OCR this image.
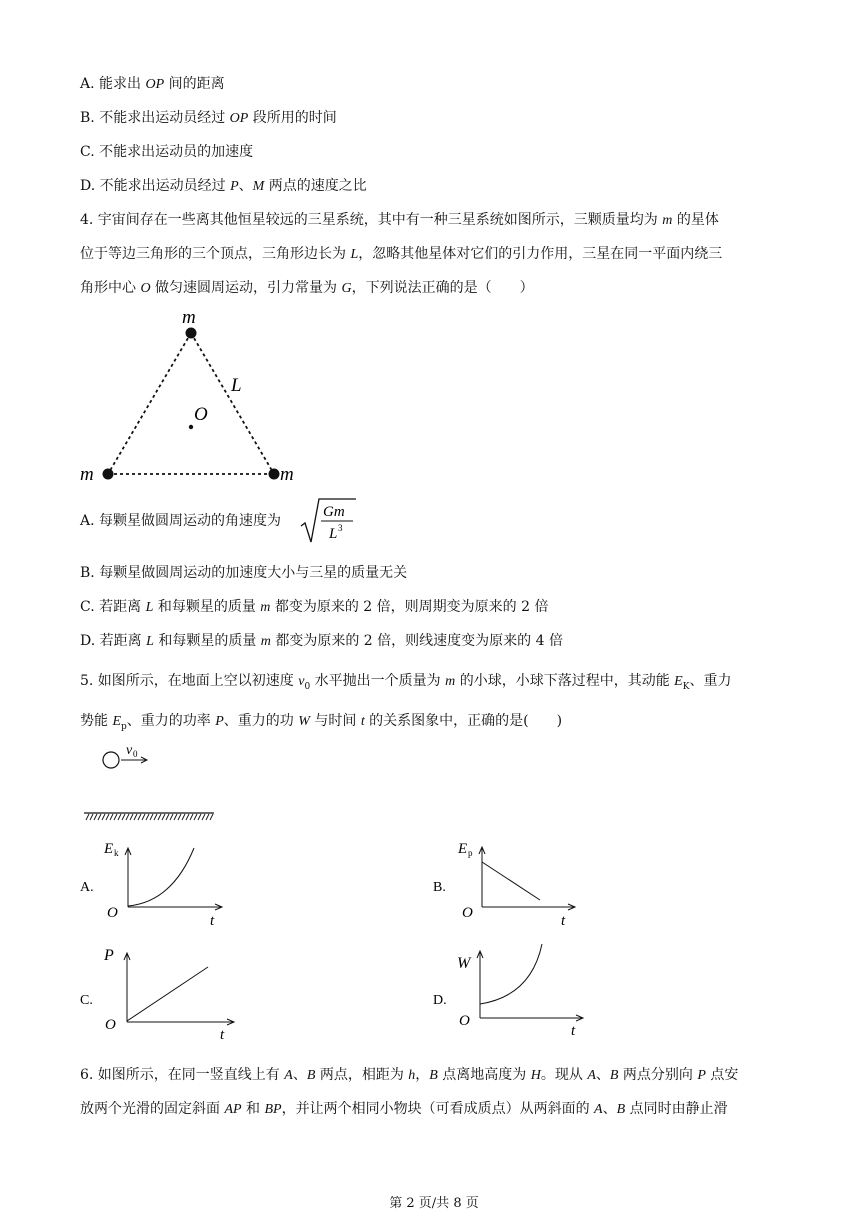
A. 能求出 OP 间的距离
B. 不能求出运动员经过 OP 段所用的时间
C. 不能求出运动员的加速度
D. 不能求出运动员经过 P、M 两点的速度之比
4. 宇宙间存在一些离其他恒星较远的三星系统，其中有一种三星系统如图所示，三颗质量均为 m 的星体
位于等边三角形的三个顶点，三角形边长为 L，忽略其他星体对它们的引力作用，三星在同一平面内绕三
角形中心 O 做匀速圆周运动，引力常量为 G，下列说法正确的是（　　）
m
m	m
L
O
A. 每颗星做圆周运动的角速度为
Gm
L 3
B. 每颗星做圆周运动的加速度大小与三星的质量无关
C. 若距离 L 和每颗星的质量 m 都变为原来的 2 倍，则周期变为原来的 2 倍
D. 若距离 L 和每颗星的质量 m 都变为原来的 2 倍，则线速度变为原来的 4 倍
5. 如图所示，在地面上空以初速度 $v_0$ 水平抛出一个质量为 m 的小球，小球下落过程中，其动能 $E_K$、重力
势能 $E_p$、重力的功率 P、重力的功 W 与时间 t 的关系图象中，正确的是(　　)
v 0
A.
E k
O	t
B.
E p
O	t
C.
P
O
t
D.
W
O
t
6. 如图所示，在同一竖直线上有 A、B 两点，相距为 h，B 点离地高度为 H。现从 A、B 两点分别向 P 点安
放两个光滑的固定斜面 AP 和 BP，并让两个相同小物块（可看成质点）从两斜面的 A、B 点同时由静止滑
第 2 页/共 8 页
